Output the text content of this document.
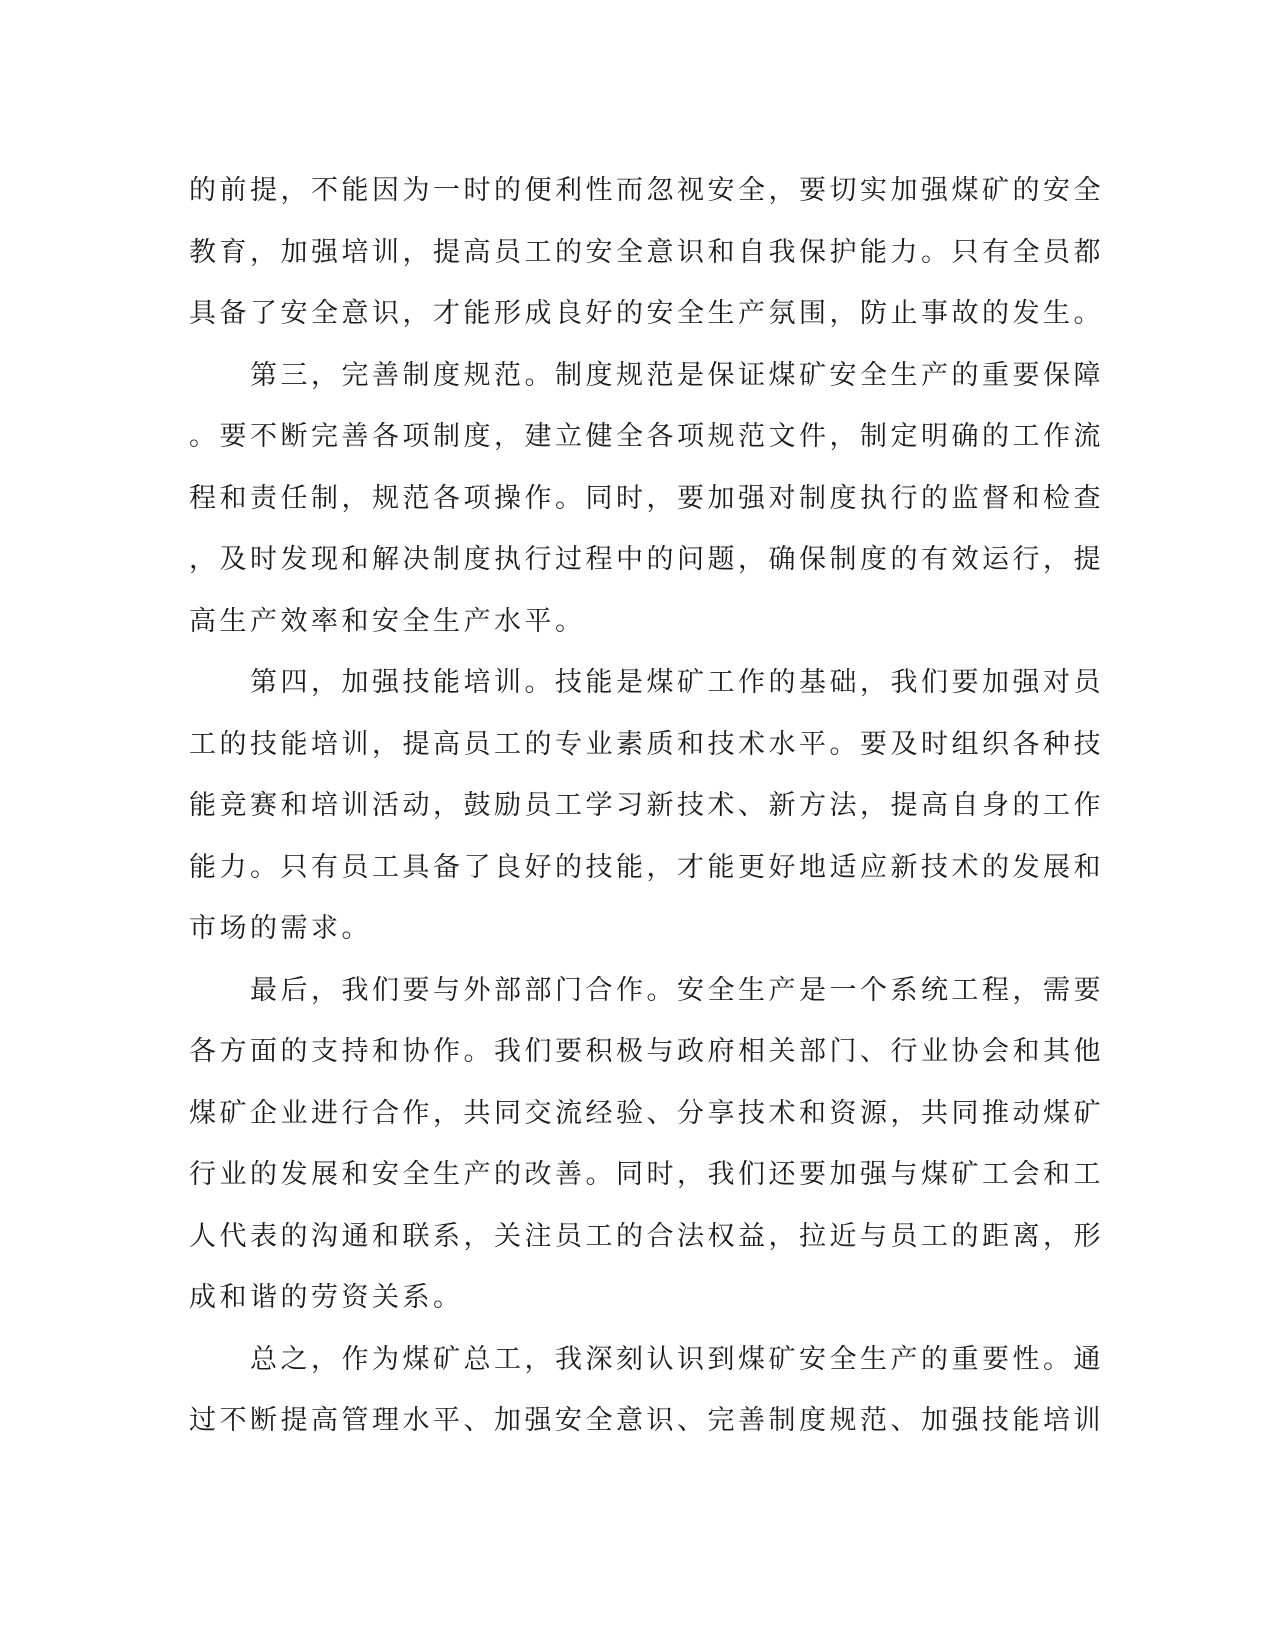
的前提，不能因为一时的便利性而忽视安全，要切实加强煤矿的安全
教育，加强培训，提高员工的安全意识和自我保护能力。只有全员都
具备了安全意识，才能形成良好的安全生产氛围，防止事故的发生。
　　第三，完善制度规范。制度规范是保证煤矿安全生产的重要保障
。要不断完善各项制度，建立健全各项规范文件，制定明确的工作流
程和责任制，规范各项操作。同时，要加强对制度执行的监督和检查
，及时发现和解决制度执行过程中的问题，确保制度的有效运行，提
高生产效率和安全生产水平。
　　第四，加强技能培训。技能是煤矿工作的基础，我们要加强对员
工的技能培训，提高员工的专业素质和技术水平。要及时组织各种技
能竞赛和培训活动，鼓励员工学习新技术、新方法，提高自身的工作
能力。只有员工具备了良好的技能，才能更好地适应新技术的发展和
市场的需求。
　　最后，我们要与外部部门合作。安全生产是一个系统工程，需要
各方面的支持和协作。我们要积极与政府相关部门、行业协会和其他
煤矿企业进行合作，共同交流经验、分享技术和资源，共同推动煤矿
行业的发展和安全生产的改善。同时，我们还要加强与煤矿工会和工
人代表的沟通和联系，关注员工的合法权益，拉近与员工的距离，形
成和谐的劳资关系。
　　总之，作为煤矿总工，我深刻认识到煤矿安全生产的重要性。通
过不断提高管理水平、加强安全意识、完善制度规范、加强技能培训
